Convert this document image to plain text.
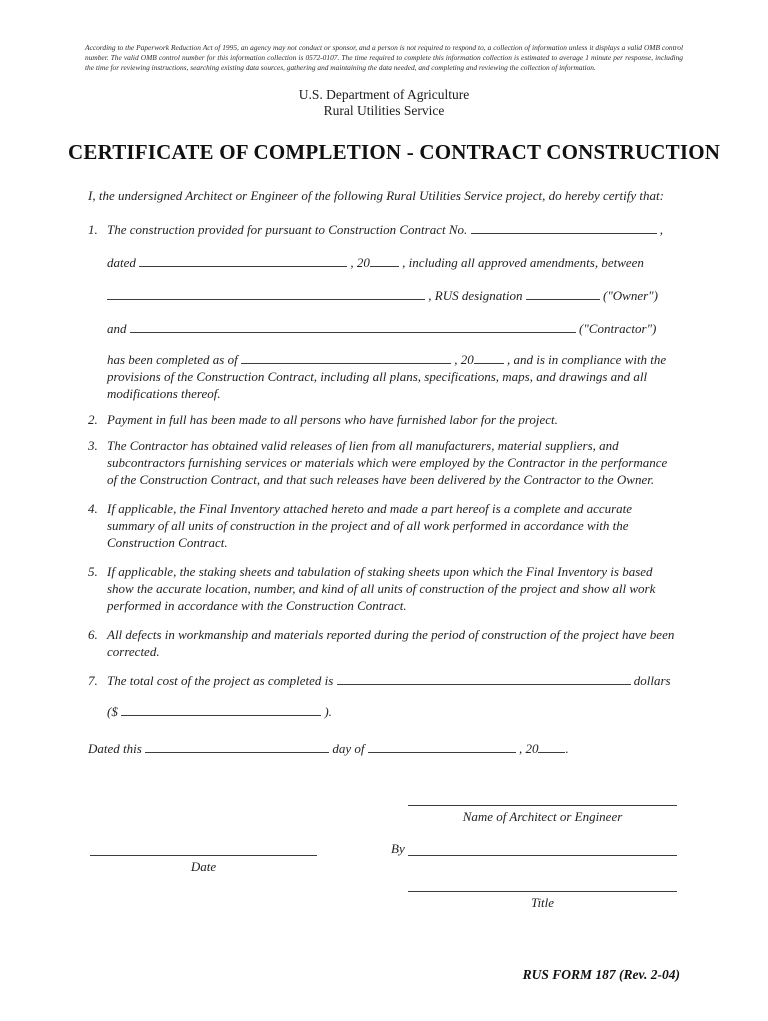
According to the Paperwork Reduction Act of 1995, an agency may not conduct or sponsor, and a person is not required to respond to, a collection of information unless it displays a valid OMB control number. The valid OMB control number for this information collection is 0572-0107. The time required to complete this information collection is estimated to average 1 minute per response, including the time for reviewing instructions, searching existing data sources, gathering and maintaining the data needed, and completing and reviewing the collection of information.

U.S. Department of Agriculture
Rural Utilities Service
CERTIFICATE OF COMPLETION - CONTRACT CONSTRUCTION

I, the undersigned Architect or Engineer of the following Rural Utilities Service project, do hereby certify that:

1. The construction provided for pursuant to Construction Contract No.	,
dated	, 20 , including all approved amendments, between
, RUS designation	("Owner")
and	("Contractor")
has been completed as of	, 20	, and is in compliance with the provisions of the Construction Contract, including all plans, specifications, maps, and drawings and all modifications thereof.
2. Payment in full has been made to all persons who have furnished labor for the project.
3. The Contractor has obtained valid releases of lien from all manufacturers, material suppliers, and subcontractors furnishing services or materials which were employed by the Contractor in the performance of the Construction Contract, and that such releases have been delivered by the Contractor to the Owner.
4. If applicable, the Final Inventory attached hereto and made a part hereof is a complete and accurate summary of all units of construction in the project and of all work performed in accordance with the Construction Contract.
5. If applicable, the staking sheets and tabulation of staking sheets upon which the Final Inventory is based show the accurate location, number, and kind of all units of construction of the project and show all work performed in accordance with the Construction Contract.
6. All defects in workmanship and materials reported during the period of construction of the project have been corrected.
7. The total cost of the project as completed is	dollars
($	).
Dated this	day of	, 20 .
Name of Architect or Engineer
By
Date
Title
RUS FORM 187 (Rev. 2-04)
